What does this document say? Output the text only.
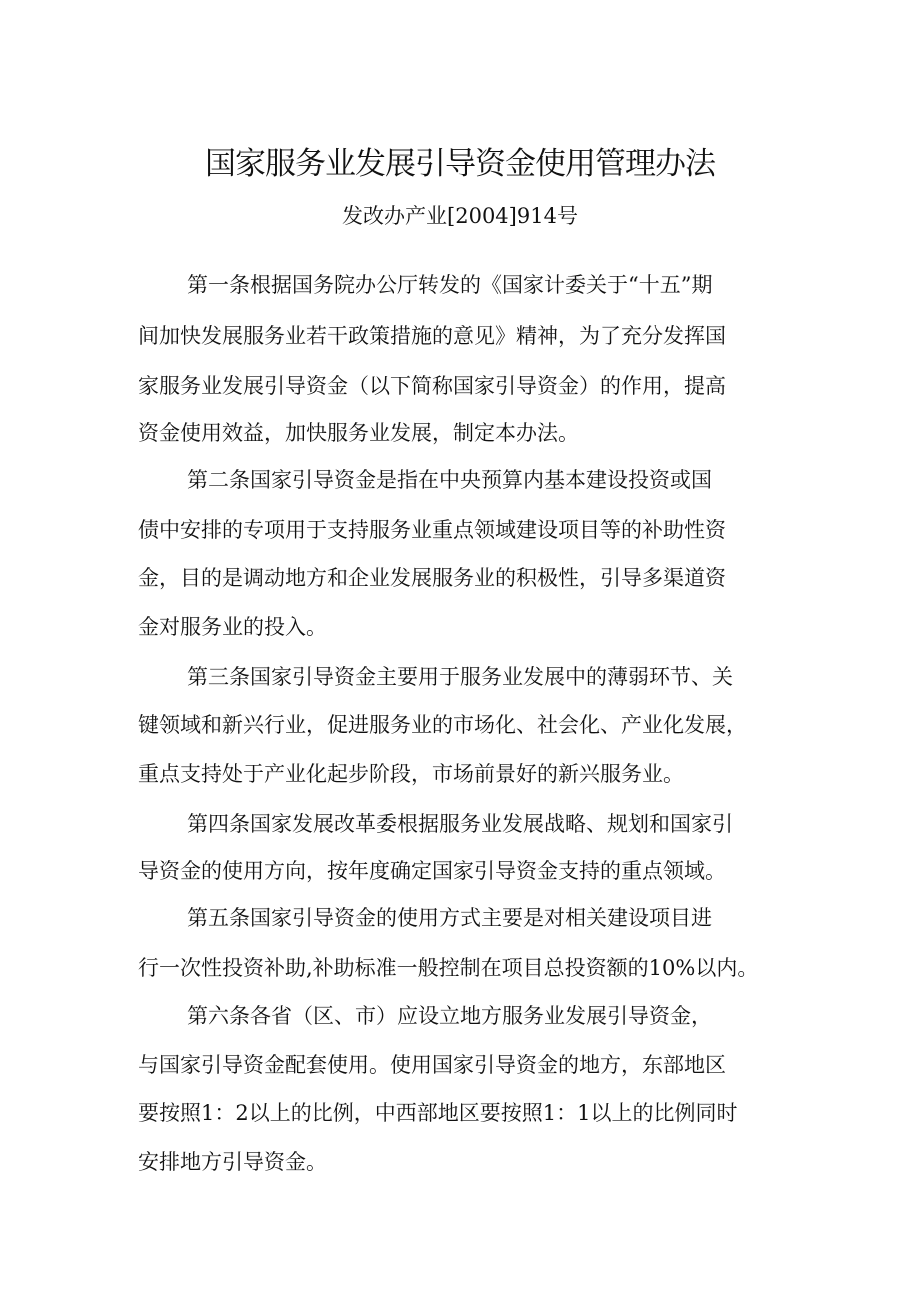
国家服务业发展引导资金使用管理办法
发改办产业[2004]914号
第一条根据国务院办公厅转发的《国家计委关于“十五”期
间加快发展服务业若干政策措施的意见》精神，为了充分发挥国
家服务业发展引导资金（以下简称国家引导资金）的作用，提高
资金使用效益，加快服务业发展，制定本办法。
第二条国家引导资金是指在中央预算内基本建设投资或国
债中安排的专项用于支持服务业重点领域建设项目等的补助性资
金，目的是调动地方和企业发展服务业的积极性，引导多渠道资
金对服务业的投入。
第三条国家引导资金主要用于服务业发展中的薄弱环节、关
键领域和新兴行业，促进服务业的市场化、社会化、产业化发展，
重点支持处于产业化起步阶段，市场前景好的新兴服务业。
第四条国家发展改革委根据服务业发展战略、规划和国家引
导资金的使用方向，按年度确定国家引导资金支持的重点领域。
第五条国家引导资金的使用方式主要是对相关建设项目进
行一次性投资补助,补助标准一般控制在项目总投资额的10%以内。
第六条各省（区、市）应设立地方服务业发展引导资金，
与国家引导资金配套使用。使用国家引导资金的地方，东部地区
要按照1：2以上的比例，中西部地区要按照1：1以上的比例同时
安排地方引导资金。
